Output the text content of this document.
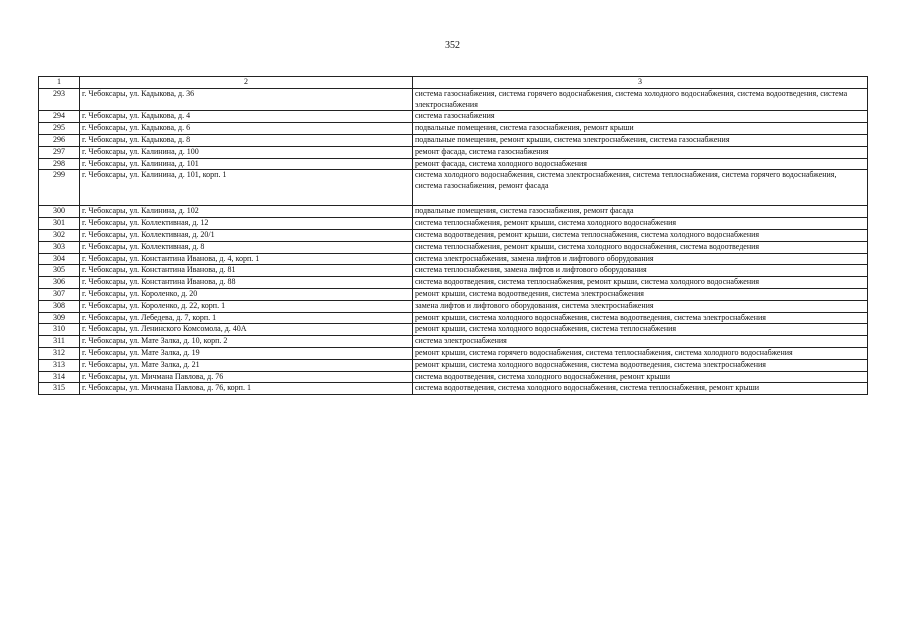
352
1	2	3
293	г. Чебоксары, ул. Кадыкова, д. 36	система газоснабжения, система горячего водоснабжения, система холодного водоснабжения, система водоотведения, система электроснабжения
294	г. Чебоксары, ул. Кадыкова, д. 4	система газоснабжения
295	г. Чебоксары, ул. Кадыкова, д. 6	подвальные помещения, система газоснабжения, ремонт крыши
296	г. Чебоксары, ул. Кадыкова, д. 8	подвальные помещения, ремонт крыши, система электроснабжения, система газоснабжения
297	г. Чебоксары, ул. Калинина, д. 100	ремонт фасада, система газоснабжения
298	г. Чебоксары, ул. Калинина, д. 101	ремонт фасада, система холодного водоснабжения
299	г. Чебоксары, ул. Калинина, д. 101, корп. 1	система холодного водоснабжения, система электроснабжения, система теплоснабжения, система горячего водоснабжения, система газоснабжения, ремонт фасада
300	г. Чебоксары, ул. Калинина, д. 102	подвальные помещения, система газоснабжения, ремонт фасада
301	г. Чебоксары, ул. Коллективная, д. 12	система теплоснабжения, ремонт крыши, система холодного водоснабжения
302	г. Чебоксары, ул. Коллективная, д. 20/1	система водоотведения, ремонт крыши, система теплоснабжения, система холодного водоснабжения
303	г. Чебоксары, ул. Коллективная, д. 8	система теплоснабжения, ремонт крыши, система холодного водоснабжения, система водоотведения
304	г. Чебоксары, ул. Константина Иванова, д. 4, корп. 1	система электроснабжения, замена лифтов и лифтового оборудования
305	г. Чебоксары, ул. Константина Иванова, д. 81	система теплоснабжения, замена лифтов и лифтового оборудования
306	г. Чебоксары, ул. Константина Иванова, д. 88	система водоотведения, система теплоснабжения, ремонт крыши, система холодного водоснабжения
307	г. Чебоксары, ул. Короленко, д. 20	ремонт крыши, система водоотведения, система электроснабжения
308	г. Чебоксары, ул. Короленко, д. 22, корп. 1	замена лифтов и лифтового оборудования, система электроснабжения
309	г. Чебоксары, ул. Лебедева, д. 7, корп. 1	ремонт крыши, система холодного водоснабжения, система водоотведения, система электроснабжения
310	г. Чебоксары, ул. Ленинского Комсомола, д. 40А	ремонт крыши, система холодного водоснабжения, система теплоснабжения
311	г. Чебоксары, ул. Мате Залка, д. 10, корп. 2	система электроснабжения
312	г. Чебоксары, ул. Мате Залка, д. 19	ремонт крыши, система горячего водоснабжения, система теплоснабжения, система холодного водоснабжения
313	г. Чебоксары, ул. Мате Залка, д. 21	ремонт крыши, система холодного водоснабжения, система водоотведения, система электроснабжения
314	г. Чебоксары, ул. Мичмана Павлова, д. 76	система водоотведения, система холодного водоснабжения, ремонт крыши
315	г. Чебоксары, ул. Мичмана Павлова, д. 76, корп. 1	система водоотведения, система холодного водоснабжения, система теплоснабжения, ремонт крыши
